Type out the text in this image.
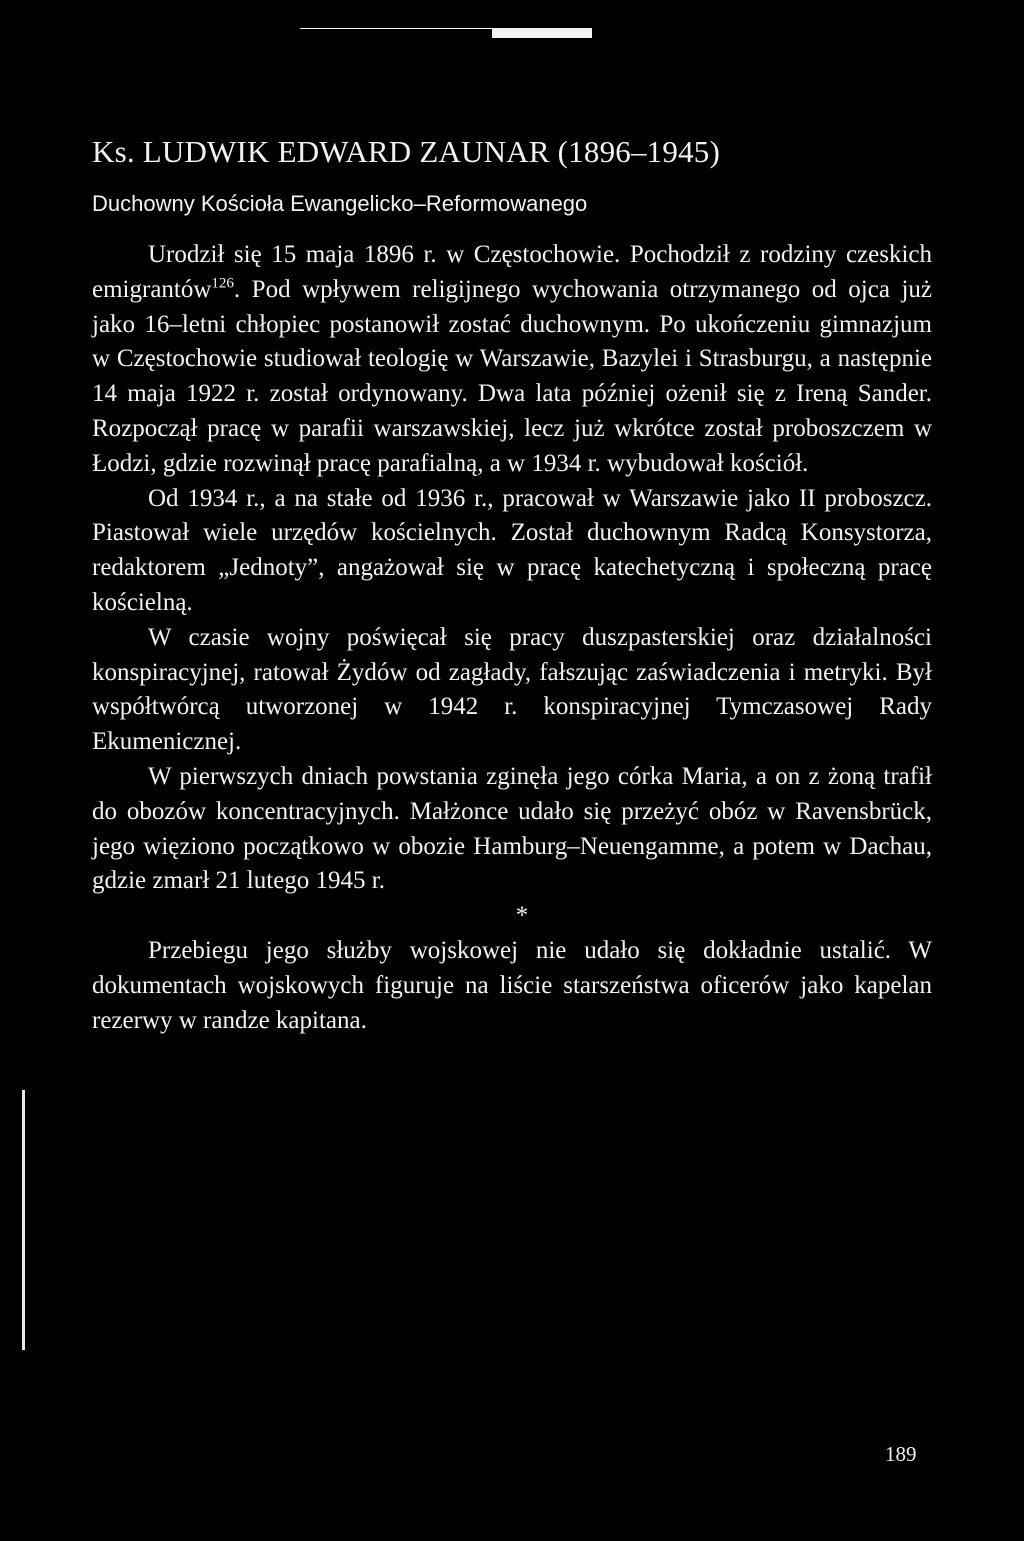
Ks. LUDWIK EDWARD ZAUNAR (1896–1945)
Duchowny Kościoła Ewangelicko–Reformowanego

Urodził się 15 maja 1896 r. w Częstochowie. Pochodził z rodziny czeskich emigrantów$^{126}$. Pod wpływem religijnego wychowania otrzymanego od ojca już jako 16–letni chłopiec postanowił zostać duchownym. Po ukończeniu gimnazjum w Częstochowie studiował teologię w Warszawie, Bazylei i Strasburgu, a następnie 14 maja 1922 r. został ordynowany. Dwa lata później ożenił się z Ireną Sander. Rozpoczął pracę w parafii warszawskiej, lecz już wkrótce został proboszczem w Łodzi, gdzie rozwinął pracę parafialną, a w 1934 r. wybudował kościół.

Od 1934 r., a na stałe od 1936 r., pracował w Warszawie jako II proboszcz. Piastował wiele urzędów kościelnych. Został duchownym Radcą Konsystorza, redaktorem „Jednoty”, angażował się w pracę katechetyczną i społeczną pracę kościelną.

W czasie wojny poświęcał się pracy duszpasterskiej oraz działalności konspiracyjnej, ratował Żydów od zagłady, fałszując zaświadczenia i metryki. Był współtwórcą utworzonej w 1942 r. konspiracyjnej Tymczasowej Rady Ekumenicznej.

W pierwszych dniach powstania zginęła jego córka Maria, a on z żoną trafił do obozów koncentracyjnych. Małżonce udało się przeżyć obóz w Ravensbrück, jego więziono początkowo w obozie Hamburg–Neuengamme, a potem w Dachau, gdzie zmarł 21 lutego 1945 r.

*

Przebiegu jego służby wojskowej nie udało się dokładnie ustalić. W dokumentach wojskowych figuruje na liście starszeństwa oficerów jako kapelan rezerwy w randze kapitana.

189
